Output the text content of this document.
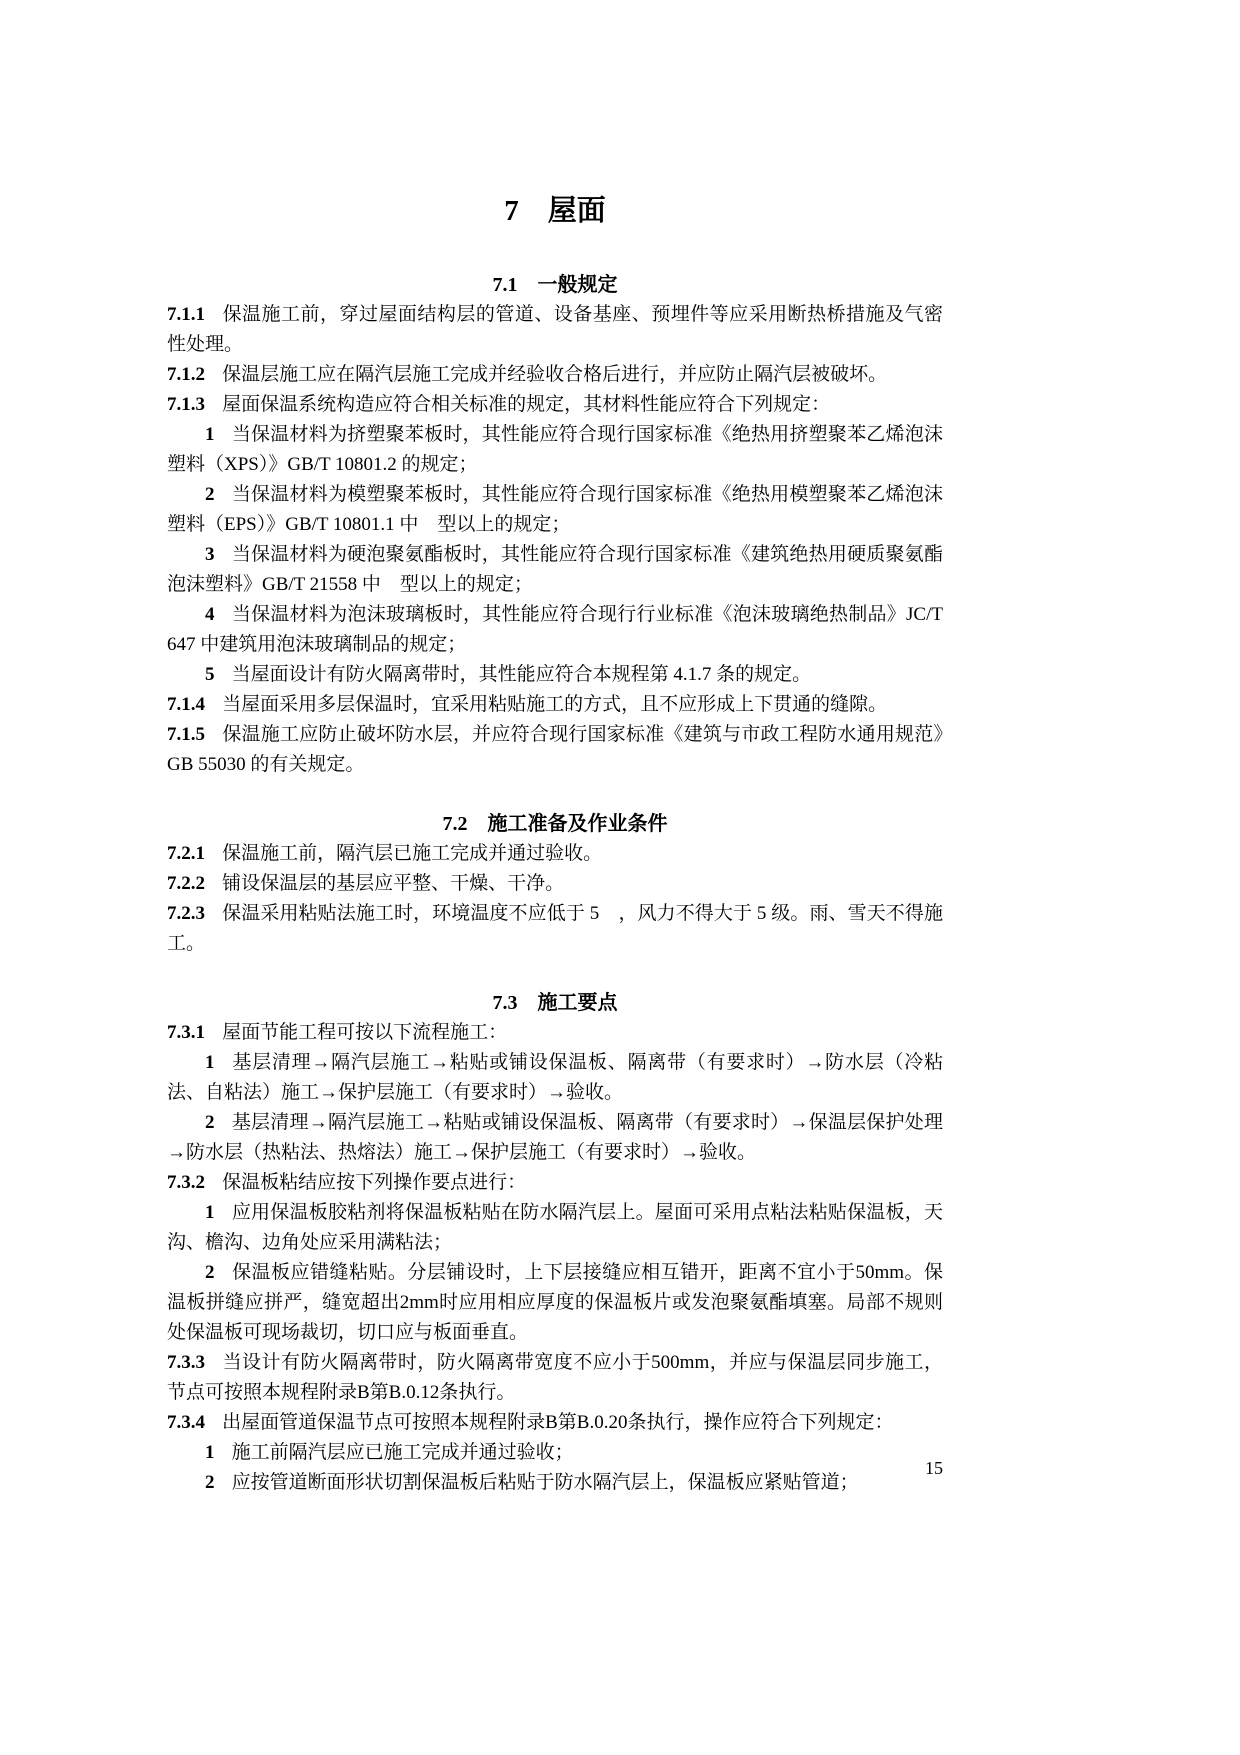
7　屋面
7.1　一般规定

7.1.1 保温施工前，穿过屋面结构层的管道、设备基座、预埋件等应采用断热桥措施及气密性处理。

7.1.2 保温层施工应在隔汽层施工完成并经验收合格后进行，并应防止隔汽层被破坏。

7.1.3 屋面保温系统构造应符合相关标准的规定，其材料性能应符合下列规定：

1 当保温材料为挤塑聚苯板时，其性能应符合现行国家标准《绝热用挤塑聚苯乙烯泡沫塑料（XPS）》GB/T 10801.2 的规定；

2 当保温材料为模塑聚苯板时，其性能应符合现行国家标准《绝热用模塑聚苯乙烯泡沫塑料（EPS）》GB/T 10801.1 中　型以上的规定；

3 当保温材料为硬泡聚氨酯板时，其性能应符合现行国家标准《建筑绝热用硬质聚氨酯泡沫塑料》GB/T 21558 中　型以上的规定；

4 当保温材料为泡沫玻璃板时，其性能应符合现行行业标准《泡沫玻璃绝热制品》JC/T 647 中建筑用泡沫玻璃制品的规定；

5 当屋面设计有防火隔离带时，其性能应符合本规程第 4.1.7 条的规定。

7.1.4 当屋面采用多层保温时，宜采用粘贴施工的方式，且不应形成上下贯通的缝隙。

7.1.5 保温施工应防止破坏防水层，并应符合现行国家标准《建筑与市政工程防水通用规范》GB 55030 的有关规定。

7.2　施工准备及作业条件

7.2.1 保温施工前，隔汽层已施工完成并通过验收。

7.2.2 铺设保温层的基层应平整、干燥、干净。

7.2.3 保温采用粘贴法施工时，环境温度不应低于 5　，风力不得大于 5 级。雨、雪天不得施工。

7.3　施工要点

7.3.1 屋面节能工程可按以下流程施工：

1 基层清理→隔汽层施工→粘贴或铺设保温板、隔离带（有要求时）→防水层（冷粘法、自粘法）施工→保护层施工（有要求时）→验收。

2 基层清理→隔汽层施工→粘贴或铺设保温板、隔离带（有要求时）→保温层保护处理→防水层（热粘法、热熔法）施工→保护层施工（有要求时）→验收。

7.3.2 保温板粘结应按下列操作要点进行：

1 应用保温板胶粘剂将保温板粘贴在防水隔汽层上。屋面可采用点粘法粘贴保温板，天沟、檐沟、边角处应采用满粘法；

2 保温板应错缝粘贴。分层铺设时，上下层接缝应相互错开，距离不宜小于50mm。保温板拼缝应拼严，缝宽超出2mm时应用相应厚度的保温板片或发泡聚氨酯填塞。局部不规则处保温板可现场裁切，切口应与板面垂直。

7.3.3 当设计有防火隔离带时，防火隔离带宽度不应小于500mm，并应与保温层同步施工，节点可按照本规程附录B第B.0.12条执行。

7.3.4 出屋面管道保温节点可按照本规程附录B第B.0.20条执行，操作应符合下列规定：

1 施工前隔汽层应已施工完成并通过验收；

2 应按管道断面形状切割保温板后粘贴于防水隔汽层上，保温板应紧贴管道；

15
